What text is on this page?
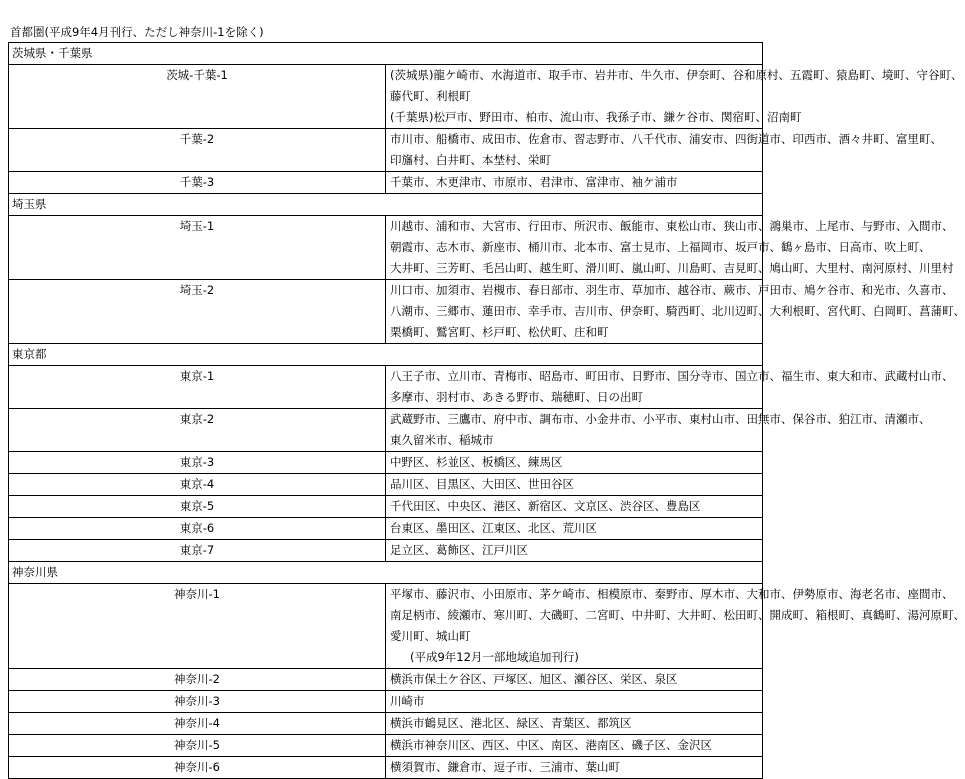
首都圏(平成9年4月刊行、ただし神奈川-1を除く)
茨城県・千葉県	
茨城-千葉-1	(茨城県)龍ケ崎市、水海道市、取手市、岩井市、牛久市、伊奈町、谷和原村、五霞町、猿島町、境町、守谷町、
藤代町、利根町
(千葉県)松戸市、野田市、柏市、流山市、我孫子市、鎌ケ谷市、関宿町、沼南町

千葉-2	市川市、船橋市、成田市、佐倉市、習志野市、八千代市、浦安市、四街道市、印西市、酒々井町、富里町、
印旛村、白井町、本埜村、栄町

千葉-3	千葉市、木更津市、市原市、君津市、富津市、袖ケ浦市

埼玉県	
埼玉-1	川越市、浦和市、大宮市、行田市、所沢市、飯能市、東松山市、狭山市、鴻巣市、上尾市、与野市、入間市、
朝霞市、志木市、新座市、桶川市、北本市、富士見市、上福岡市、坂戸市、鶴ヶ島市、日高市、吹上町、
大井町、三芳町、毛呂山町、越生町、滑川町、嵐山町、川島町、吉見町、鳩山町、大里村、南河原村、川里村

埼玉-2	川口市、加須市、岩槻市、春日部市、羽生市、草加市、越谷市、蕨市、戸田市、鳩ケ谷市、和光市、久喜市、
八潮市、三郷市、蓮田市、幸手市、吉川市、伊奈町、騎西町、北川辺町、大利根町、宮代町、白岡町、菖蒲町、
栗橋町、鷲宮町、杉戸町、松伏町、庄和町

東京都	
東京-1	八王子市、立川市、青梅市、昭島市、町田市、日野市、国分寺市、国立市、福生市、東大和市、武蔵村山市、
多摩市、羽村市、あきる野市、瑞穂町、日の出町

東京-2	武蔵野市、三鷹市、府中市、調布市、小金井市、小平市、東村山市、田無市、保谷市、狛江市、清瀬市、
東久留米市、稲城市

東京-3	中野区、杉並区、板橋区、練馬区

東京-4	品川区、目黒区、大田区、世田谷区

東京-5	千代田区、中央区、港区、新宿区、文京区、渋谷区、豊島区

東京-6	台東区、墨田区、江東区、北区、荒川区

東京-7	足立区、葛飾区、江戸川区

神奈川県	
神奈川-1	平塚市、藤沢市、小田原市、茅ケ崎市、相模原市、秦野市、厚木市、大和市、伊勢原市、海老名市、座間市、
南足柄市、綾瀬市、寒川町、大磯町、二宮町、中井町、大井町、松田町、開成町、箱根町、真鶴町、湯河原町、
愛川町、城山町
(平成9年12月一部地域追加刊行)

神奈川-2	横浜市保土ケ谷区、戸塚区、旭区、瀬谷区、栄区、泉区

神奈川-3	川崎市

神奈川-4	横浜市鶴見区、港北区、緑区、青葉区、都筑区

神奈川-5	横浜市神奈川区、西区、中区、南区、港南区、磯子区、金沢区

神奈川-6	横須賀市、鎌倉市、逗子市、三浦市、葉山町
